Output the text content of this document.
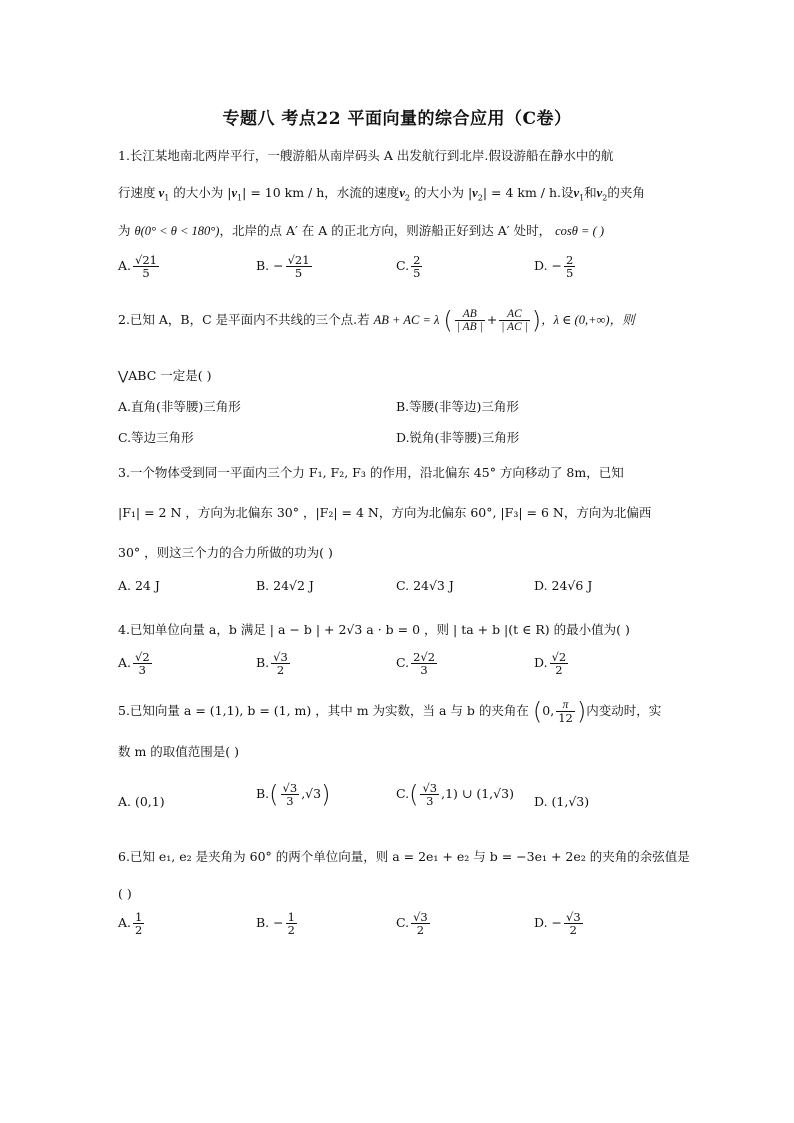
专题八 考点22 平面向量的综合应用（C卷）
1.长江某地南北两岸平行，一艘游船从南岸码头 A 出发航行到北岸.假设游船在静水中的航
行速度 $v_1$ 的大小为 $|v_1| = 10$ km / h，水流的速度$v_2$ 的大小为 $|v_2| = 4$ km / h.设$v_1$和$v_2$的夹角
为 θ(0° < θ < 180°)，北岸的点 A′ 在 A 的正北方向，则游船正好到达 A′ 处时， cosθ = ( )
A. $\frac{√21}{5}$	B. − $\frac{√21}{5}$	C. $\frac{2}{5}$	D. − $\frac{2}{5}$
2.已知 A，B，C 是平面内不共线的三个点.若 AB + AC = λ ( $\frac{AB}{| AB |} + \frac{AC}{| AC |}$ )，λ ∈ (0,+∞)，则
⋁ABC 一定是( )
A.直角(非等腰)三角形	B.等腰(非等边)三角形
C.等边三角形	D.锐角(非等腰)三角形
3.一个物体受到同一平面内三个力 F₁, F₂, F₃ 的作用，沿北偏东 45° 方向移动了 8m，已知
|F₁| = 2 N ，方向为北偏东 30° ，|F₂| = 4 N，方向为北偏东 60°, |F₃| = 6 N，方向为北偏西
30° ，则这三个力的合力所做的功为( )
A. 24 J	B. 24√2 J	C. 24√3 J	D. 24√6 J
4.已知单位向量 a，b 满足 | a − b | + 2√3 a · b = 0 ，则 | ta + b |(t ∈ R) 的最小值为( )
A. $\frac{√2}{3}$	B. $\frac{√3}{2}$	C. $\frac{2√2}{3}$	D. $\frac{√2}{2}$
5.已知向量 a = (1,1), b = (1, m) ，其中 m 为实数，当 a 与 b 的夹角在 (0, $\frac{\pi}{12}$ )内变动时，实
数 m 的取值范围是( )
A. (0,1)
$B.( \frac{√3}{3} ,√3)$	$C.( \frac{√3}{3} ,1)$ ∪ (1,√3)
D. (1,√3)
6.已知 e₁, e₂ 是夹角为 60° 的两个单位向量，则 a = 2e₁ + e₂ 与 b = −3e₁ + 2e₂ 的夹角的余弦值是
( )
A. $\frac{1}{2}$	B. − $\frac{1}{2}$	C. $\frac{√3}{2}$	D. − $\frac{√3}{2}$
